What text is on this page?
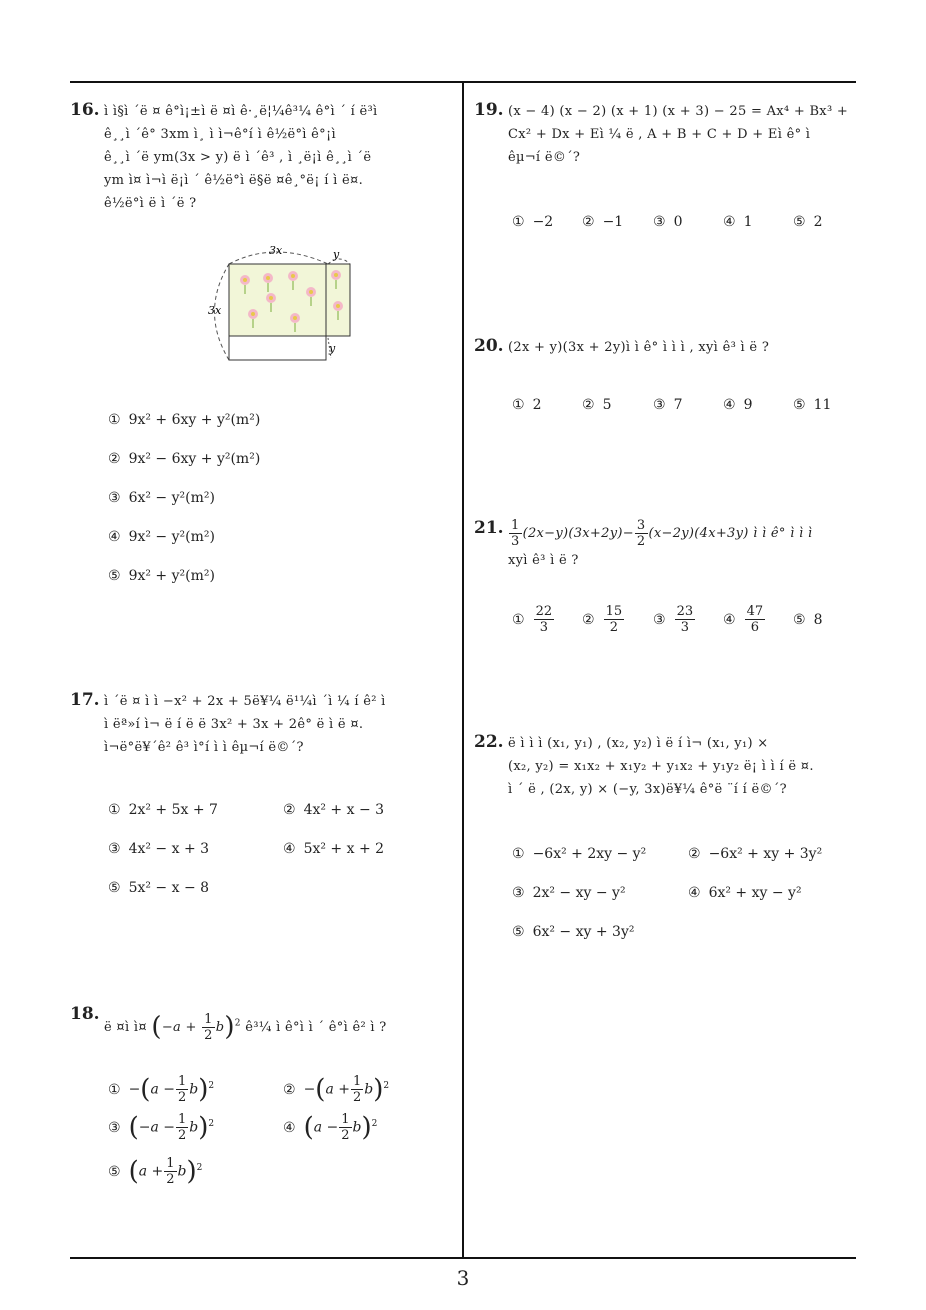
16. ì ì§ì ´ë ¤ ê°ì¡±ì ë ¤ì ê·¸ë¦¼ê³¼ ê°ì ´ í ë³ì
ê¸¸ì ´ê° 3xm ì¸ ì ì¬ê°í ì ê½ë°ì ê°¡ì
ê¸¸ì ´ë ym(3x > y) ë ì ´ê³ , ì ¸ë¡ì ê¸¸ì ´ë
ym ì¤ ì¬ì ë¡ì ´ ê½ë°ì ë§ë ¤ê¸°ë¡ í ì ë¤.
ê½ë°ì ë ì ´ë ?
3x
3x
y
y
① 9x² + 6xy + y²(m²)
② 9x² − 6xy + y²(m²)
③ 6x² − y²(m²)
④ 9x² − y²(m²)
⑤ 9x² + y²(m²)
17. ì ´ë ¤ ì ì −x² + 2x + 5ë¥¼ ë¹¼ì ´ì ¼ í ê² ì
ì ëª»í ì¬ ë í ë ë 3x² + 3x + 2ê° ë ì ë ¤.
ì¬ë°ë¥´ê² ê³ ì°í ì ì êµ¬í ë©´?
① 2x² + 5x + 7	② 4x² + x − 3
③ 4x² − x + 3	④ 5x² + x + 2
⑤ 5x² − x − 8
18.
ë ¤ì ì¤ $(-a + \frac{1}{2} b)^2$ ê³¼ ì ê°ì ì ´ ê°ì ê² ì ?
① $-(a - \frac{1}{2} b)^2$	② $-(a + \frac{1}{2} b)^2$
③ $(-a - \frac{1}{2} b)^2$	④ $(a - \frac{1}{2} b)^2$
⑤ $(a + \frac{1}{2} b)^2$
19. (x − 4) (x − 2) (x + 1) (x + 3) − 25 = Ax⁴ + Bx³ +
Cx² + Dx + Eì ¼ ë , A + B + C + D + Eì ê° ì
êµ¬í ë©´?
① −2 ② −1 ③ 0	④ 1	⑤ 2
20. (2x + y)(3x + 2y)ì ì ê° ì ì ì , xyì ê³ ì ë ?
① 2	② 5	③ 7	④ 9	⑤ 11
21. $\frac{1}{3} (2x-y)(3x+2y)- \frac{3}{2} (x-2y)(4x+3y)$ ì ì ê° ì ì ì
xyì ê³ ì ë ?
① $\frac{22}{3}$ ② $\frac{15}{2}$ ③ $\frac{23}{3}$ ④ $\frac{47}{6}$ ⑤ 8
22. ë ì ì ì (x₁, y₁) , (x₂, y₂) ì ë í ì¬ (x₁, y₁) ×
(x₂, y₂) = x₁x₂ + x₁y₂ + y₁x₂ + y₁y₂ ë¡ ì ì í ë ¤.
ì ´ ë , (2x, y) × (−y, 3x)ë¥¼ ê°ë ¨í í ë©´?
① −6x² + 2xy − y²	② −6x² + xy + 3y²
③ 2x² − xy − y²	④ 6x² + xy − y²
⑤ 6x² − xy + 3y²
3
